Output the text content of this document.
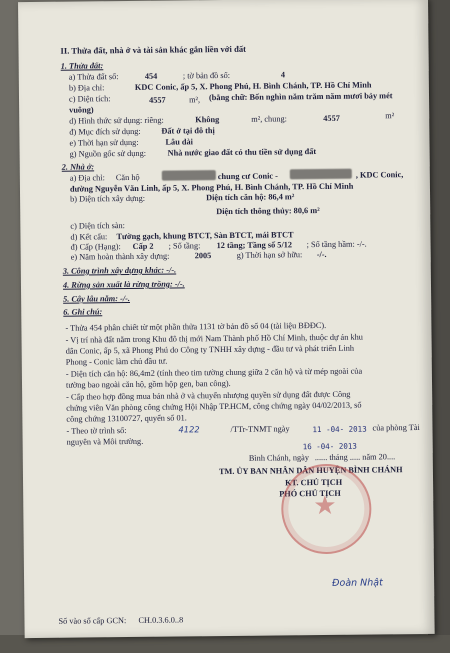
II. Thửa đất, nhà ở và tài sản khác gắn liền với đất
1. Thửa đất:
a) Thửa đất số:	454	; tờ bản đồ số:	4
b) Địa chỉ:	KDC Conic, ấp 5, X. Phong Phú, H. Bình Chánh, TP. Hồ Chí Minh
c) Diện tích:	4557	m², (bằng chữ: Bốn nghìn năm trăm năm mươi bảy mét
vuông)
d) Hình thức sử dụng: riêng:	Không	m², chung:	4557	m²
đ) Mục đích sử dụng: Đất ở tại đô thị
e) Thời hạn sử dụng:	Lâu dài
g) Nguồn gốc sử dụng:	Nhà nước giao đất có thu tiền sử dụng đất
2. Nhà ở:
a) Địa chỉ: Căn hộ	chung cư Conic -	, KDC Conic,
đường Nguyễn Văn Linh, ấp 5, X. Phong Phú, H. Bình Chánh, TP. Hồ Chí Minh
b) Diện tích xây dựng:	Diện tích căn hộ: 86,4 m²
Diện tích thông thủy: 80,6 m²
c) Diện tích sàn:
d) Kết cấu: Tường gạch, khung BTCT, Sàn BTCT, mái BTCT
đ) Cấp (Hạng): Cấp 2 ; Số tầng: 12 tầng; Tầng số 5/12 ; Số tầng hầm: -/-.
e) Năm hoàn thành xây dựng:	2005	g) Thời hạn sở hữu: -/-.
3. Công trình xây dựng khác: -/-.
4. Rừng sản xuất là rừng trồng: -/-.
5. Cây lâu năm: -/-.
6. Ghi chú:
- Thửa 454 phân chiết từ một phần thửa 1131 tờ bản đồ số 04 (tài liệu BĐĐC).
- Vị trí nhà đất nằm trong Khu đô thị mới Nam Thành phố Hồ Chí Minh, thuộc dự án khu
dân Conic, ấp 5, xã Phong Phú do Công ty TNHH xây dựng - đầu tư và phát triển Linh
Phong - Conic làm chủ đầu tư.
- Diện tích căn hộ: 86,4m2 (tính theo tim tường chung giữa 2 căn hộ và từ mép ngoài của
tường bao ngoài căn hộ, gồm hộp gen, ban công).
- Cấp theo hợp đồng mua bán nhà ở và chuyển nhượng quyền sử dụng đất được Công
chứng viên Văn phòng công chứng Hội Nhập TP.HCM, công chứng ngày 04/02/2013, số
công chứng 13100727, quyển số 01.
- Theo tờ trình số:	4122	/TTr-TNMT ngày	11 -04- 2013 của phòng Tài
nguyên và Môi trường.
Bình Chánh, ngày
16 -04- 2013
...... tháng ..... năm 20....
TM. ỦY BAN NHÂN DÂN HUYỆN BÌNH CHÁNH
KT. CHỦ TỊCH
PHÓ CHỦ TỊCH
★
Đoàn Nhật
Số vào sổ cấp GCN: CH.0.3.6.0..8
